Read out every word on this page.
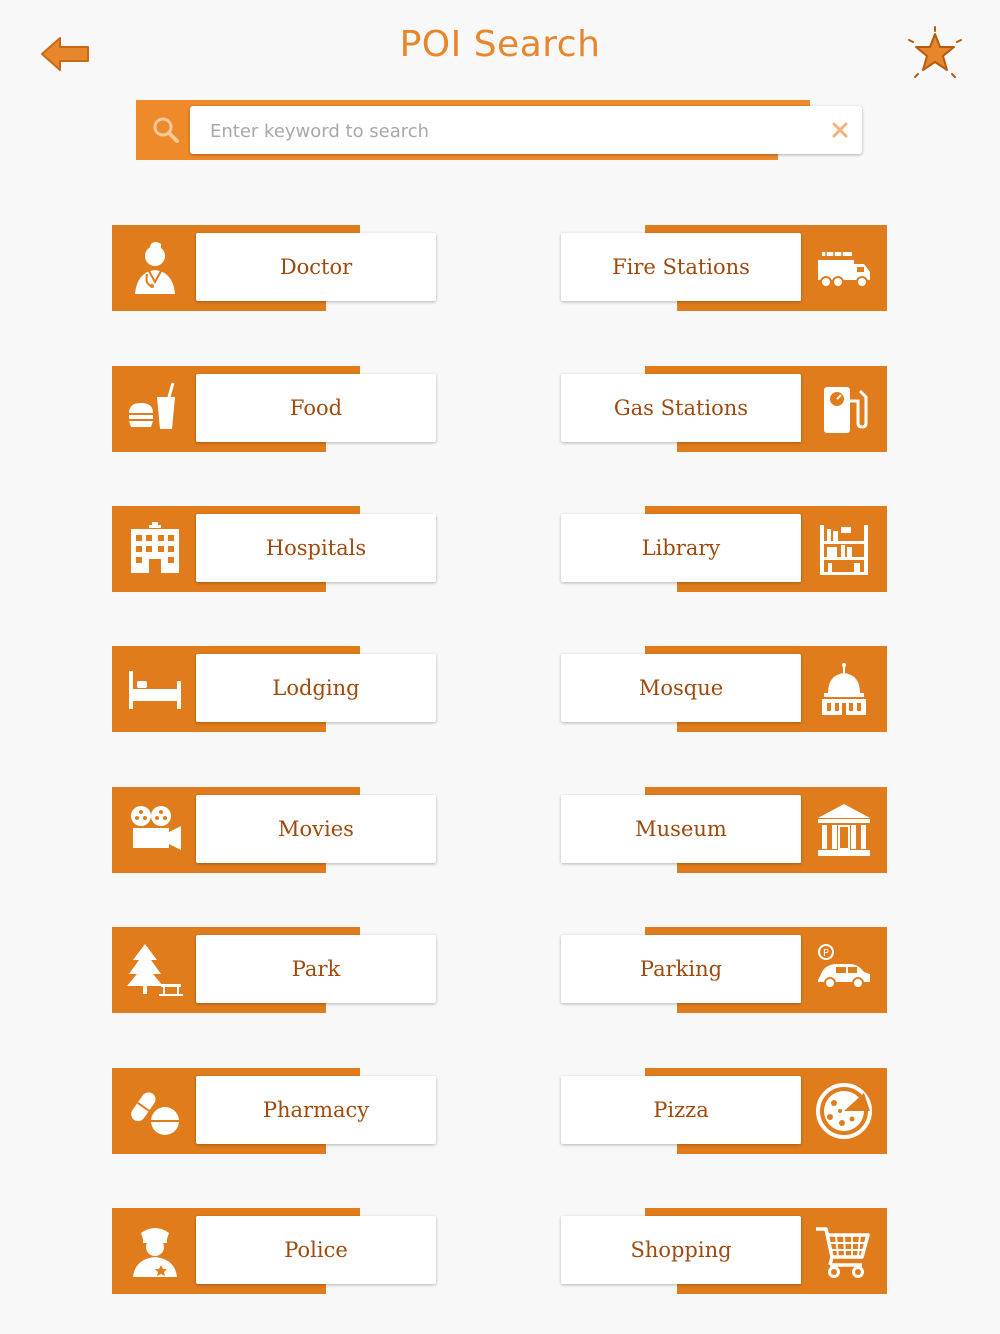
POI Search
Enter keyword to search
Doctor	Fire Stations
Food	Gas Stations
Hospitals	Library
Lodging	Mosque
Movies	Museum
Park	Parking
P
Pharmacy	Pizza
Police	Shopping
